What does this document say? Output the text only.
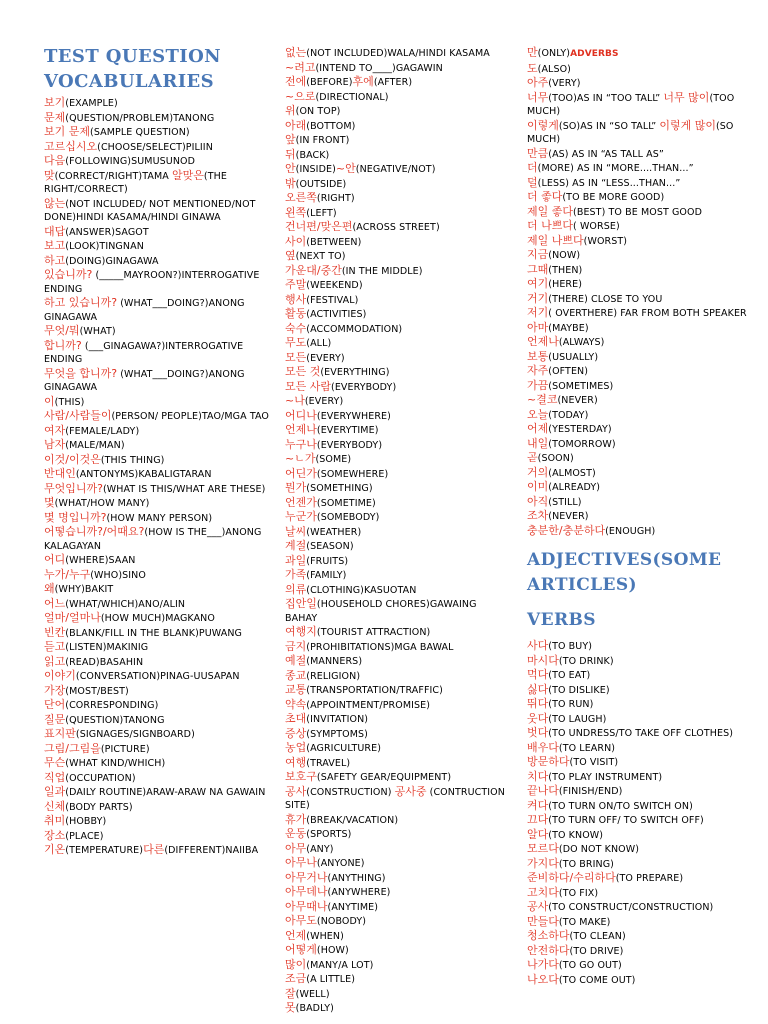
TEST QUESTION VOCABULARIES
보기(EXAMPLE)
문제(QUESTION/PROBLEM)TANONG
보기 문제(SAMPLE QUESTION)
고르십시오(CHOOSE/SELECT)PILIIN
다음(FOLLOWING)SUMUSUNOD
맞(CORRECT/RIGHT)TAMA 알맞은(THE RIGHT/CORRECT)
않는(NOT INCLUDED/ NOT MENTIONED/NOT DONE)HINDI KASAMA/HINDI GINAWA
대답(ANSWER)SAGOT
보고(LOOK)TINGNAN
하고(DOING)GINAGAWA
있습니까? (_____MAYROON?)INTERROGATIVE ENDING
하고 있습니까? (WHAT___DOING?)ANONG GINAGAWA
무엇/뭐(WHAT)
합니까? (___GINAGAWA?)INTERROGATIVE ENDING
무엇을 합니까? (WHAT___DOING?)ANONG GINAGAWA
이(THIS)
사람/사람들이(PERSON/ PEOPLE)TAO/MGA TAO
여자(FEMALE/LADY)
남자(MALE/MAN)
이것/이것은(THIS THING)
반대인(ANTONYMS)KABALIGTARAN
무엇입니까?(WHAT IS THIS/WHAT ARE THESE)
몇(WHAT/HOW MANY)
몇 명입니까?(HOW MANY PERSON)
어떻습니까?/어때요?(HOW IS THE___)ANONG KALAGAYAN
어디(WHERE)SAAN
누가/누구(WHO)SINO
왜(WHY)BAKIT
어느(WHAT/WHICH)ANO/ALIN
얼마/얼마나(HOW MUCH)MAGKANO
빈칸(BLANK/FILL IN THE BLANK)PUWANG
듣고(LISTEN)MAKINIG
읽고(READ)BASAHIN
이야기(CONVERSATION)PINAG-UUSAPAN
가장(MOST/BEST)
단어(CORRESPONDING)
질문(QUESTION)TANONG
표지판(SIGNAGES/SIGNBOARD)
그림/그림을(PICTURE)
무슨(WHAT KIND/WHICH)
직업(OCCUPATION)
일과(DAILY ROUTINE)ARAW-ARAW NA GAWAIN
신체(BODY PARTS)
취미(HOBBY)
장소(PLACE)
기온(TEMPERATURE)다른(DIFFERENT)NAIIBA
없는(NOT INCLUDED)WALA/HINDI KASAMA
~려고(INTEND TO____)GAGAWIN
전에(BEFORE)후에(AFTER)
~으로(DIRECTIONAL)
위(ON TOP)
아래(BOTTOM)
앞(IN FRONT)
뒤(BACK)
안(INSIDE)~안(NEGATIVE/NOT)
밖(OUTSIDE)
오른쪽(RIGHT)
왼쪽(LEFT)
건너편/맞은편(ACROSS STREET)
사이(BETWEEN)
옆(NEXT TO)
가운대/중간(IN THE MIDDLE)
주말(WEEKEND)
행사(FESTIVAL)
활동(ACTIVITIES)
숙수(ACCOMMODATION)
무도(ALL)
모든(EVERY)
모든 것(EVERYTHING)
모든 사람(EVERYBODY)
~나(EVERY)
어디나(EVERYWHERE)
언제나(EVERYTIME)
누구나(EVERYBODY)
~ㄴ가(SOME)
어딘가(SOMEWHERE)
뭔가(SOMETHING)
언젠가(SOMETIME)
누군가(SOMEBODY)
날씨(WEATHER)
계절(SEASON)
과일(FRUITS)
가족(FAMILY)
의류(CLOTHING)KASUOTAN
집안일(HOUSEHOLD CHORES)GAWAING BAHAY
여행지(TOURIST ATTRACTION)
금지(PROHIBITATIONS)MGA BAWAL
예절(MANNERS)
종교(RELIGION)
교통(TRANSPORTATION/TRAFFIC)
약속(APPOINTMENT/PROMISE)
초대(INVITATION)
증상(SYMPTOMS)
농업(AGRICULTURE)
여행(TRAVEL)
보호구(SAFETY GEAR/EQUIPMENT)
공사(CONSTRUCTION) 공사중 (CONTRUCTION SITE)
휴가(BREAK/VACATION)
운동(SPORTS)
아무(ANY)
아무나(ANYONE)
아무거나(ANYTHING)
아무데나(ANYWHERE)
아무때나(ANYTIME)
아무도(NOBODY)
언제(WHEN)
어떻게(HOW)
많이(MANY/A LOT)
조금(A LITTLE)
잘(WELL)
못(BADLY)
만(ONLY)ADVERBS
도(ALSO)
아주(VERY)
너무(TOO)AS IN “TOO TALL” 너무 많이(TOO MUCH)
이렇게(SO)AS IN “SO TALL” 이렇게 많이(SO MUCH)
만큼(AS) AS IN “AS TALL AS”
더(MORE) AS IN “MORE....THAN...”
덜(LESS) AS IN “LESS...THAN...”
더 좋다(TO BE MORE GOOD)
제일 좋다(BEST) TO BE MOST GOOD
더 나쁘다( WORSE)
제일 나쁘다(WORST)
지금(NOW)
그때(THEN)
여기(HERE)
거기(THERE) CLOSE TO YOU
저기( OVERTHERE) FAR FROM BOTH SPEAKER
아마(MAYBE)
언제나(ALWAYS)
보통(USUALLY)
자주(OFTEN)
가끔(SOMETIMES)
~결코(NEVER)
오늘(TODAY)
어제(YESTERDAY)
내일(TOMORROW)
곧(SOON)
거의(ALMOST)
이미(ALREADY)
아직(STILL)
조차(NEVER)
충분한/충분하다(ENOUGH)
ADJECTIVES(SOME ARTICLES)
VERBS
사다(TO BUY)
마시다(TO DRINK)
먹다(TO EAT)
싫다(TO DISLIKE)
뛰다(TO RUN)
웃다(TO LAUGH)
벗다(TO UNDRESS/TO TAKE OFF CLOTHES)
배우다(TO LEARN)
방문하다(TO VISIT)
치다(TO PLAY INSTRUMENT)
끝나다(FINISH/END)
켜다(TO TURN ON/TO SWITCH ON)
끄다(TO TURN OFF/ TO SWITCH OFF)
알다(TO KNOW)
모르다(DO NOT KNOW)
가지다(TO BRING)
준비하다/수리하다(TO PREPARE)
고치다(TO FIX)
공사(TO CONSTRUCT/CONSTRUCTION)
만들다(TO MAKE)
청소하다(TO CLEAN)
안전하다(TO DRIVE)
나가다(TO GO OUT)
나오다(TO COME OUT)
